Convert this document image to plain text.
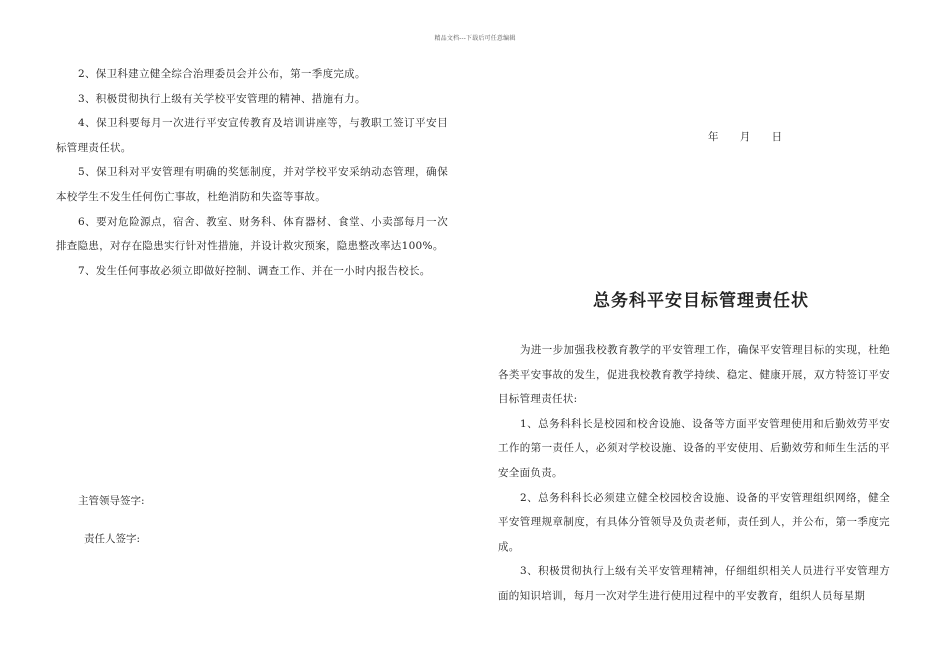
精品文档---下载后可任意编辑

2、保卫科建立健全综合治理委员会并公布，第一季度完成。

3、积极贯彻执行上级有关学校平安管理的精神、措施有力。

4、保卫科要每月一次进行平安宣传教育及培训讲座等，与教职工签订平安目标管理责任状。

5、保卫科对平安管理有明确的奖惩制度，并对学校平安采纳动态管理，确保本校学生不发生任何伤亡事故，杜绝消防和失盗等事故。

6、要对危险源点，宿舍、教室、财务科、体育器材、食堂、小卖部每月一次排查隐患，对存在隐患实行针对性措施，并设计救灾预案，隐患整改率达100%。

7、发生任何事故必须立即做好控制、调查工作、并在一小时内报告校长。

主管领导签字:
责任人签字:
年 月 日
总务科平安目标管理责任状

为进一步加强我校教育教学的平安管理工作，确保平安管理目标的实现，杜绝各类平安事故的发生，促进我校教育教学持续、稳定、健康开展，双方特签订平安目标管理责任状:

1、总务科科长是校园和校舍设施、设备等方面平安管理使用和后勤效劳平安工作的第一责任人，必须对学校设施、设备的平安使用、后勤效劳和师生生活的平安全面负责。

2、总务科科长必须建立健全校园校舍设施、设备的平安管理组织网络，健全平安管理规章制度，有具体分管领导及负责老师，责任到人，并公布，第一季度完成。

3、积极贯彻执行上级有关平安管理精神，仔细组织相关人员进行平安管理方面的知识培训，每月一次对学生进行使用过程中的平安教育，组织人员每星期
